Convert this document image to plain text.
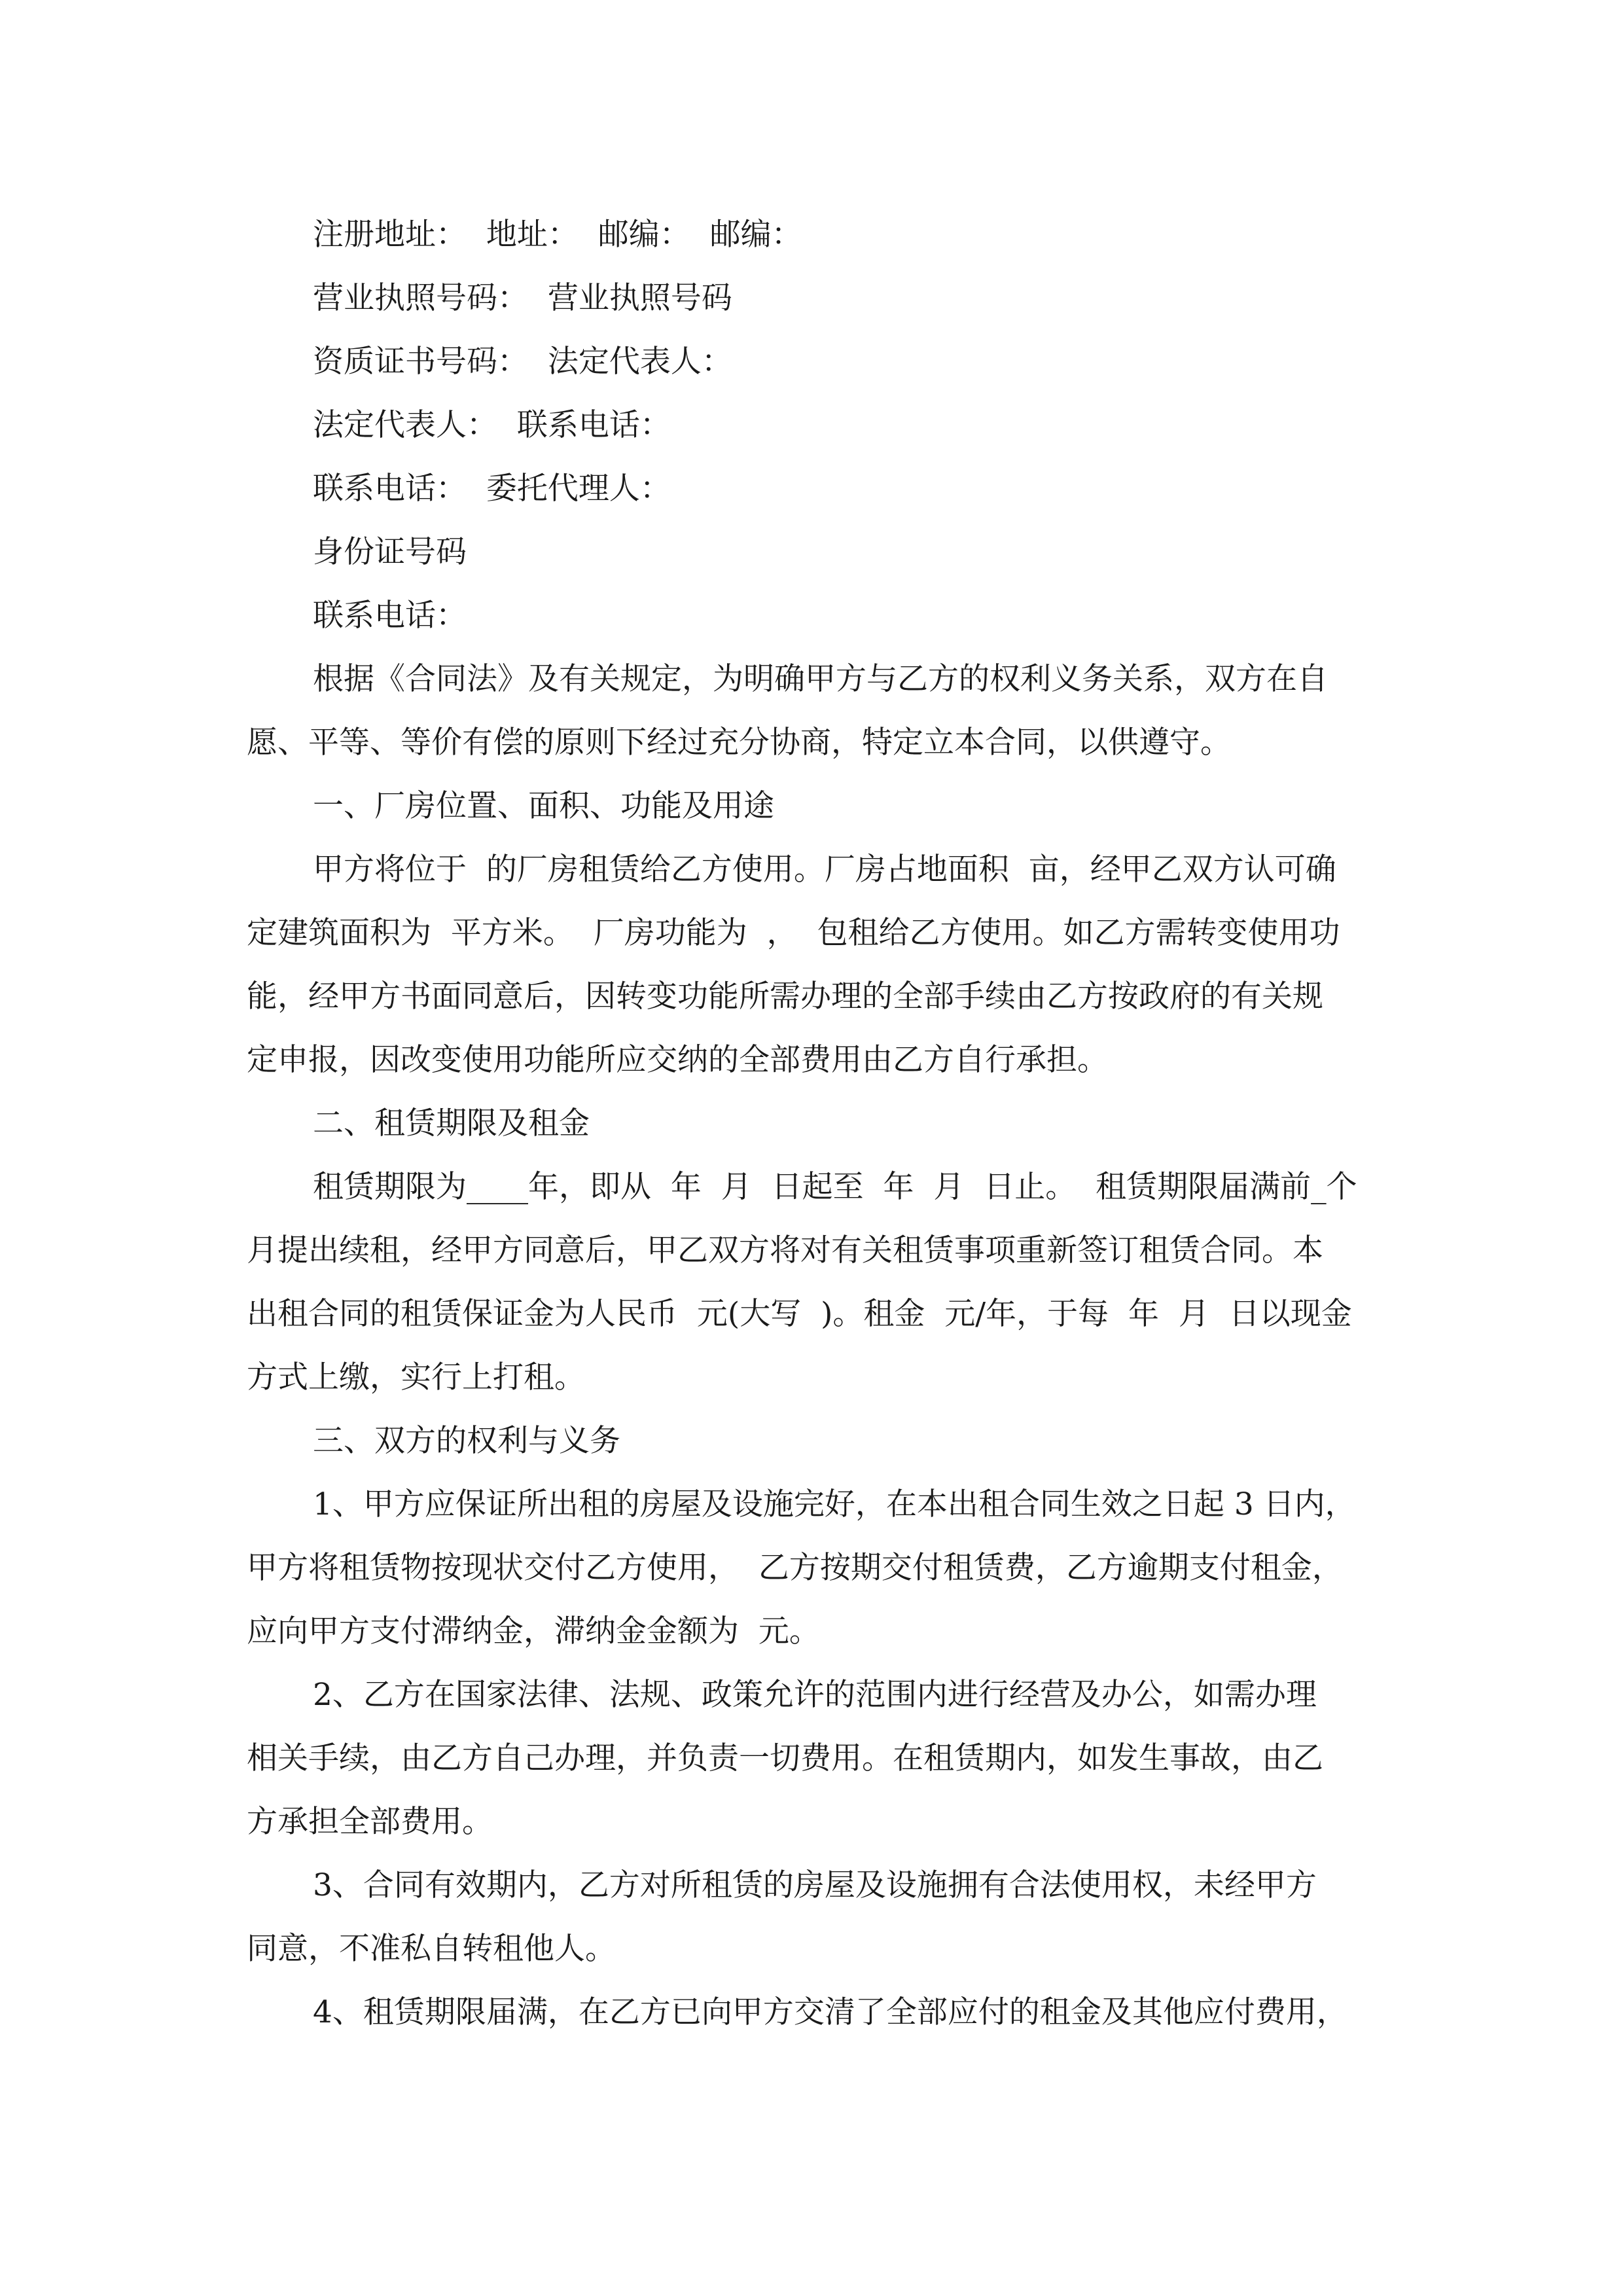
注册地址：  地址：  邮编：  邮编：
营业执照号码：  营业执照号码
资质证书号码：  法定代表人：
法定代表人：  联系电话：
联系电话：  委托代理人：
身份证号码
联系电话：
根据《合同法》及有关规定，为明确甲方与乙方的权利义务关系，双方在自
愿、平等、等价有偿的原则下经过充分协商，特定立本合同，以供遵守。
一、厂房位置、面积、功能及用途
甲方将位于  的厂房租赁给乙方使用。厂房占地面积  亩，经甲乙双方认可确
定建筑面积为  平方米。  厂房功能为  ，  包租给乙方使用。如乙方需转变使用功
能，经甲方书面同意后，因转变功能所需办理的全部手续由乙方按政府的有关规
定申报，因改变使用功能所应交纳的全部费用由乙方自行承担。
二、租赁期限及租金
租赁期限为____年，即从  年  月  日起至  年  月  日止。  租赁期限届满前_个
月提出续租，经甲方同意后，甲乙双方将对有关租赁事项重新签订租赁合同。本
出租合同的租赁保证金为人民币  元(大写  )。租金  元/年，于每  年  月  日以现金
方式上缴，实行上打租。
三、双方的权利与义务
1、甲方应保证所出租的房屋及设施完好，在本出租合同生效之日起 3 日内，
甲方将租赁物按现状交付乙方使用，  乙方按期交付租赁费，乙方逾期支付租金，
应向甲方支付滞纳金，滞纳金金额为  元。
2、乙方在国家法律、法规、政策允许的范围内进行经营及办公，如需办理
相关手续，由乙方自己办理，并负责一切费用。在租赁期内，如发生事故，由乙
方承担全部费用。
3、合同有效期内，乙方对所租赁的房屋及设施拥有合法使用权，未经甲方
同意，不准私自转租他人。
4、租赁期限届满，在乙方已向甲方交清了全部应付的租金及其他应付费用，
